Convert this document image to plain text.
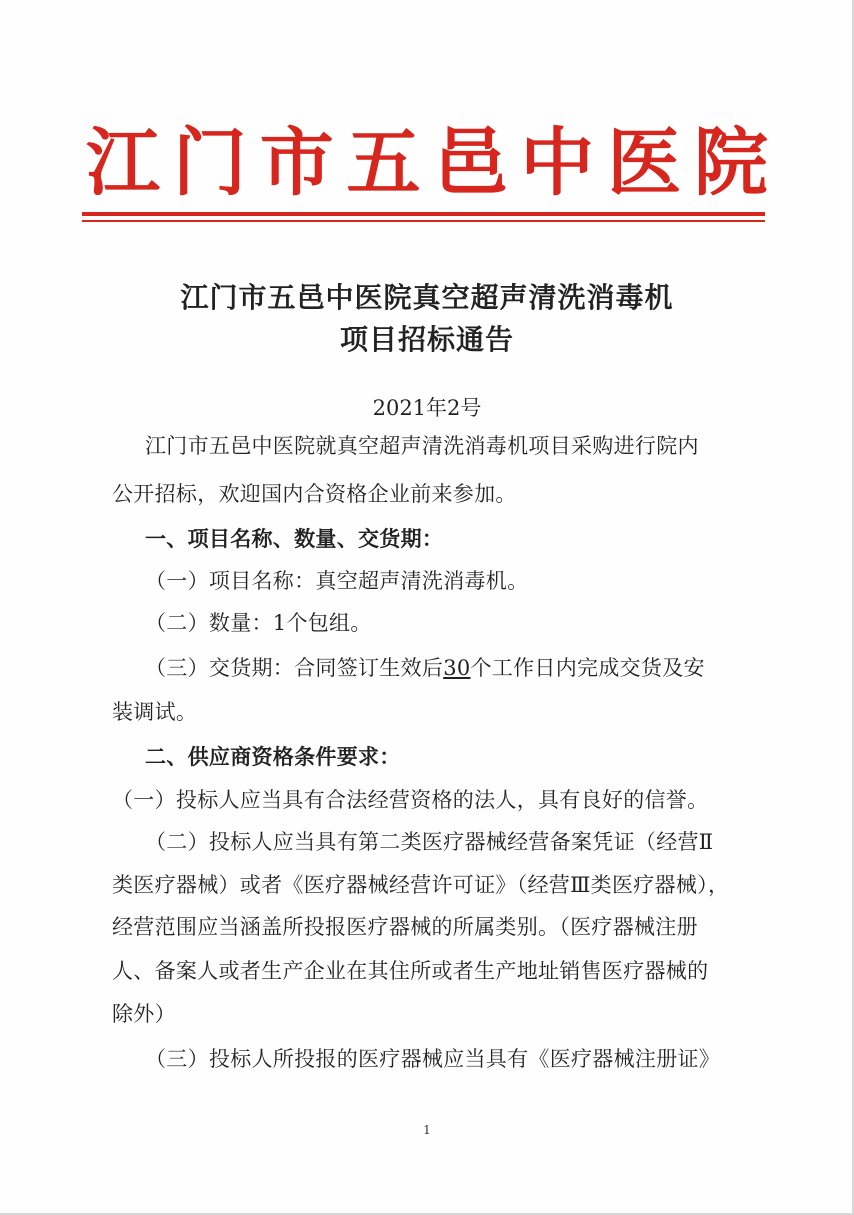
江 门 市 五 邑 中 医 院
江门市五邑中医院真空超声清洗消毒机
项目招标通告
2021年2号
江门市五邑中医院就真空超声清洗消毒机项目采购进行院内
公开招标，欢迎国内合资格企业前来参加。
一、项目名称、数量、交货期：
（一）项目名称：真空超声清洗消毒机。
（二）数量：1个包组。
（三）交货期：合同签订生效后30个工作日内完成交货及安
装调试。
二、供应商资格条件要求：
（一）投标人应当具有合法经营资格的法人，具有良好的信誉。
（二）投标人应当具有第二类医疗器械经营备案凭证（经营Ⅱ
类医疗器械）或者《医疗器械经营许可证》（经营Ⅲ类医疗器械），
经营范围应当涵盖所投报医疗器械的所属类别。（医疗器械注册
人、备案人或者生产企业在其住所或者生产地址销售医疗器械的
除外）
（三）投标人所投报的医疗器械应当具有《医疗器械注册证》
1
